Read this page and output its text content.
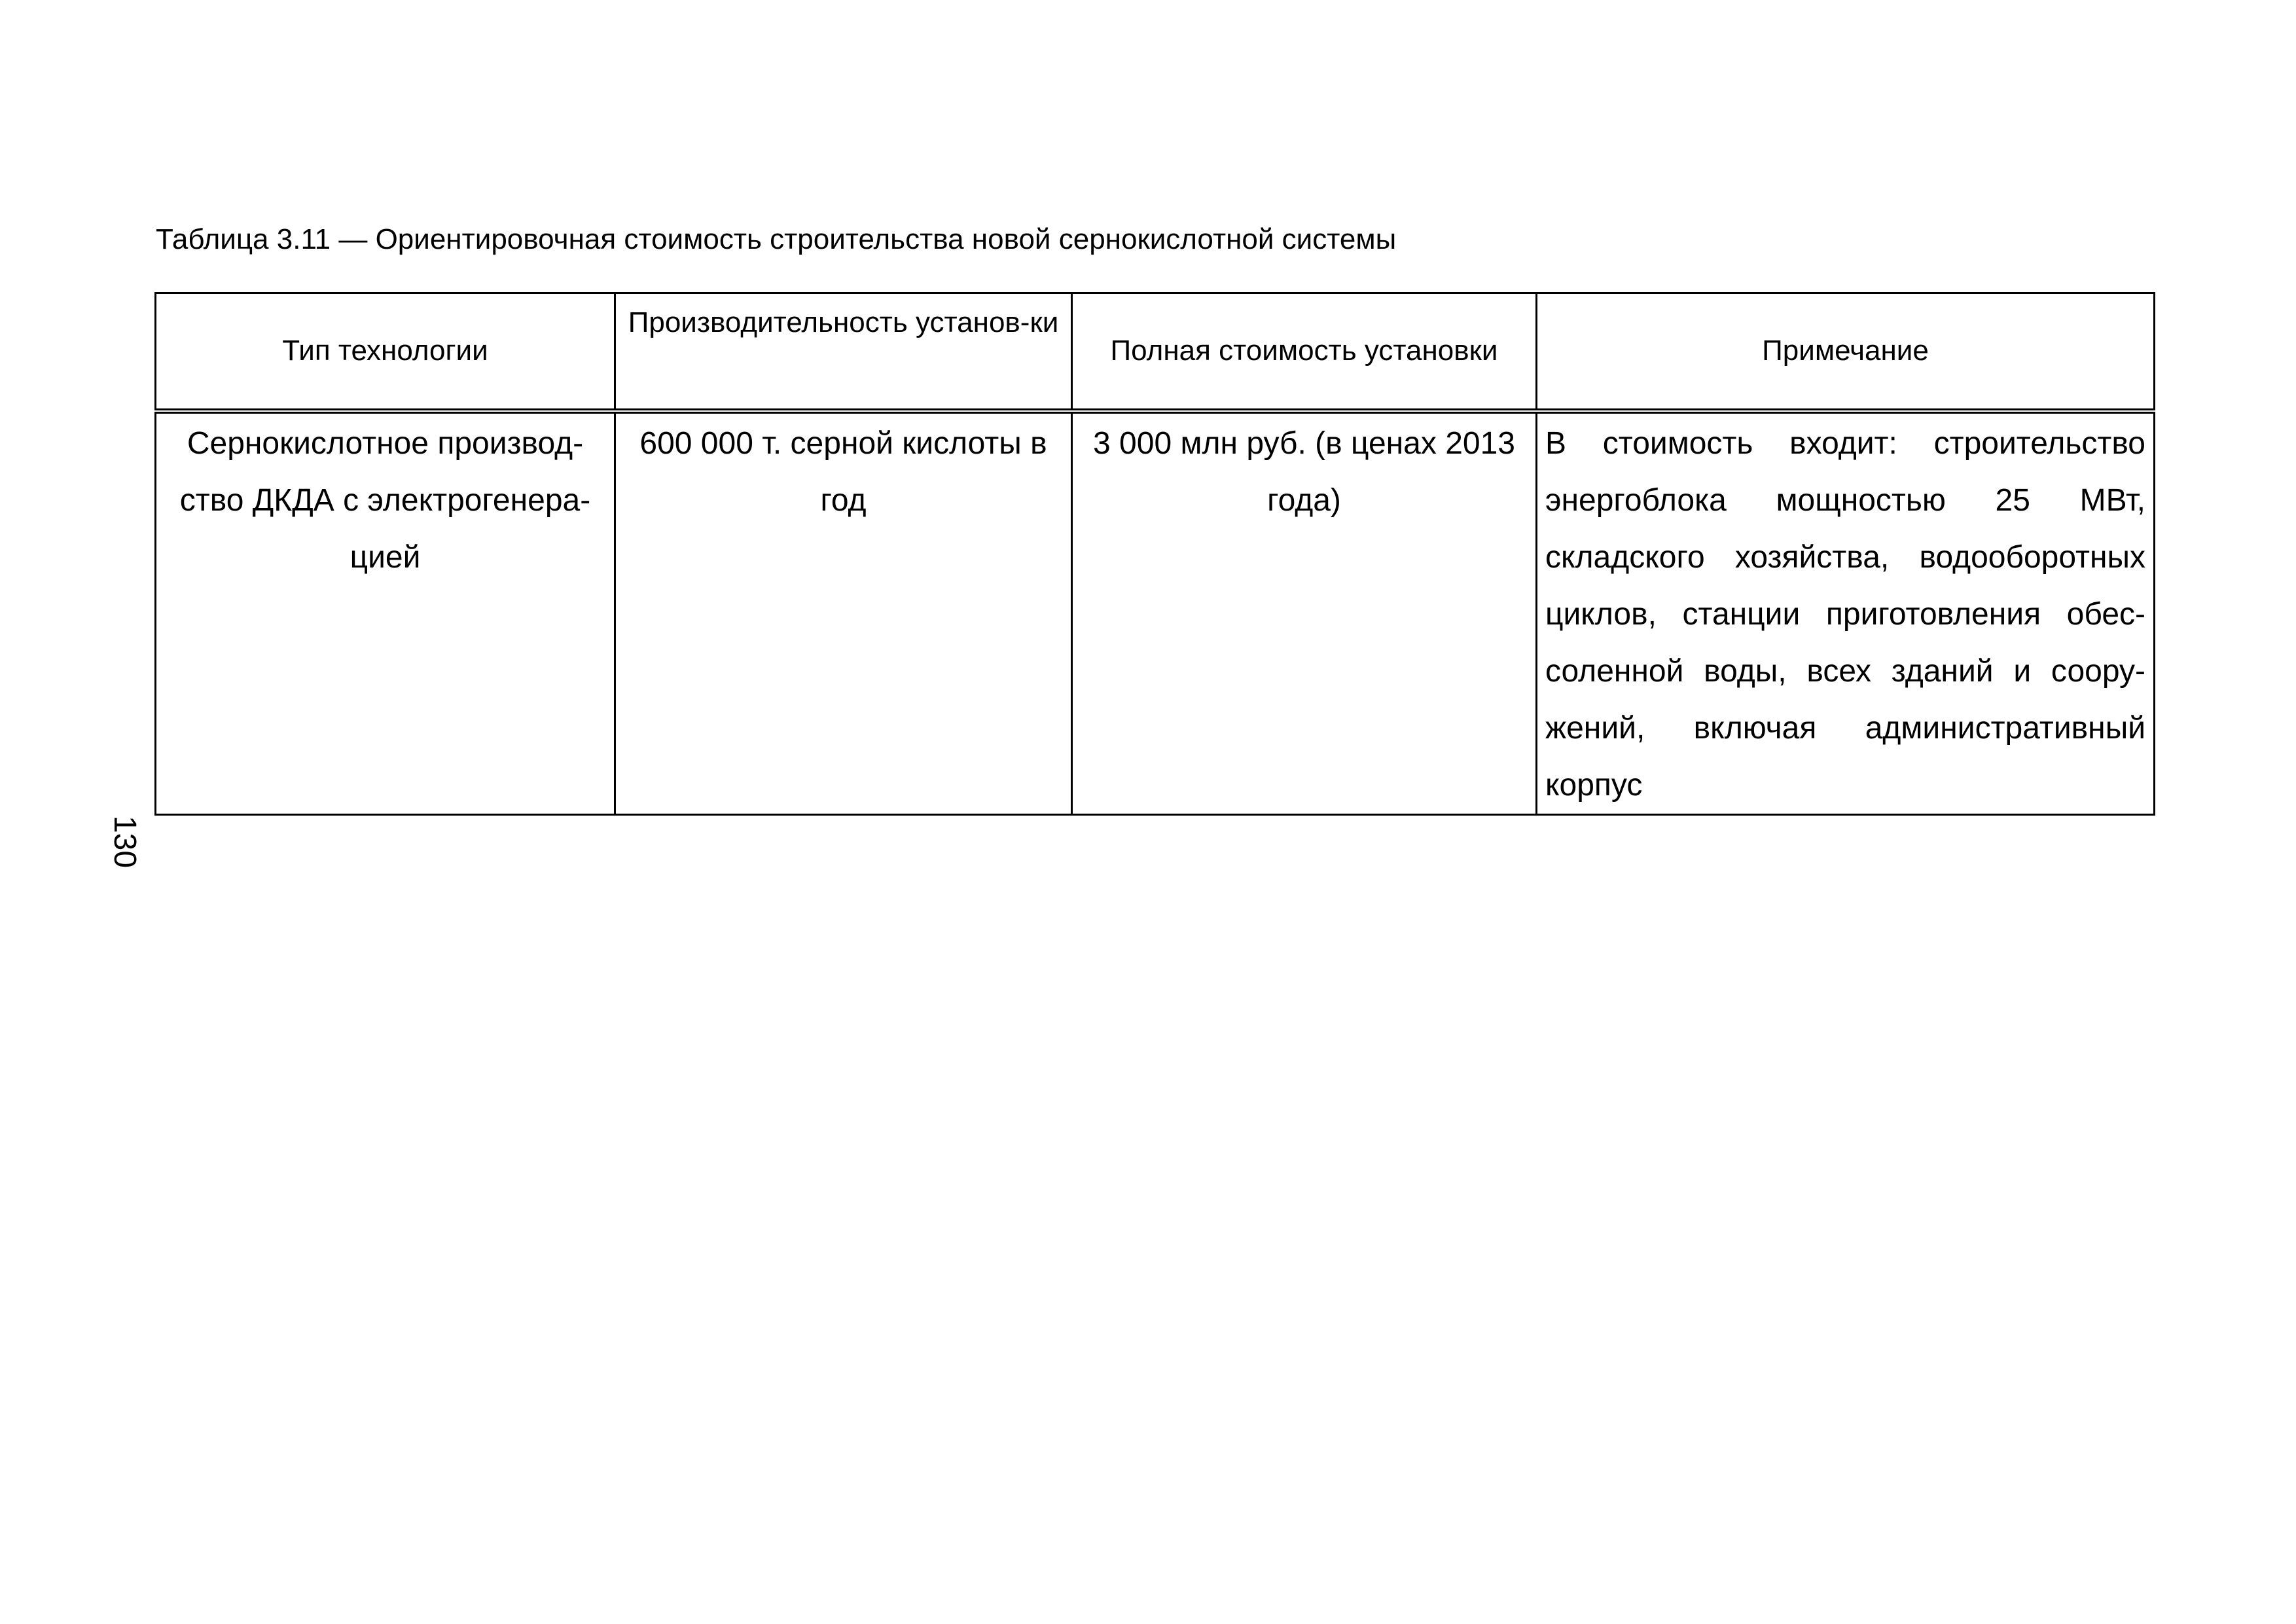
Таблица 3.11 — Ориентировочная стоимость строительства новой сернокислотной системы
130
Тип технологии	Производительность установ-ки	Полная стоимость установки	Примечание

Сернокислотное производ-ство ДКДА с электрогенера-цией	600 000 т. серной кислоты в год	3 000 млн руб. (в ценах 2013 года)	В стоимость входит: строительство энергоблока мощностью 25 МВт, складского хозяйства, водооборотных циклов, станции приготовления обес-соленной воды, всех зданий и соору-жений, включая административный корпус
